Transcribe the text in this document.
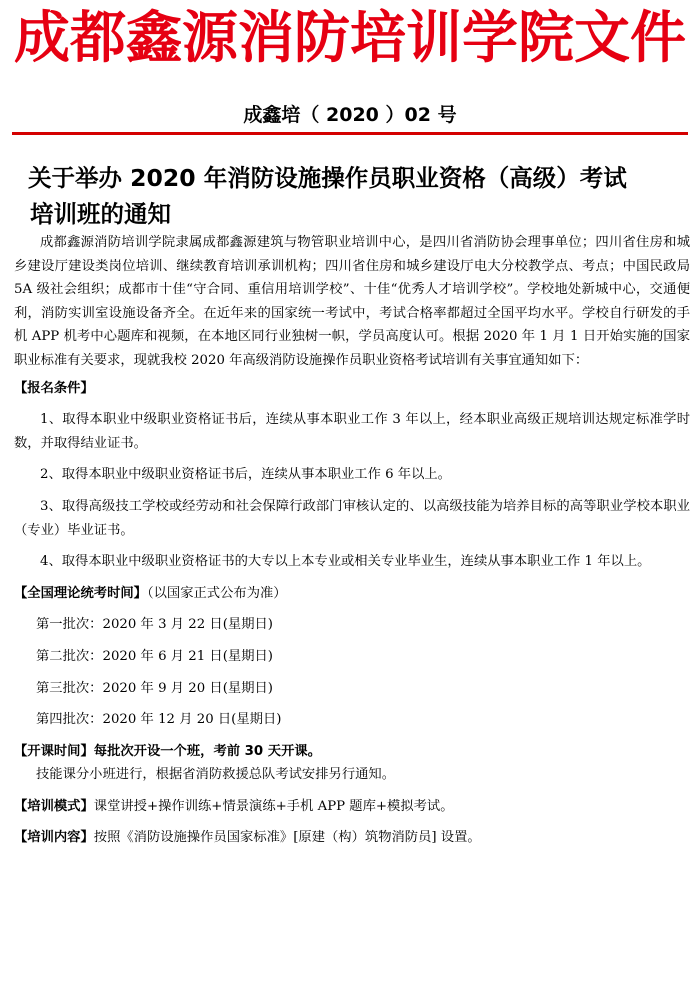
成都鑫源消防培训学院文件
成鑫培（ 2020 ）02 号
关于举办 2020 年消防设施操作员职业资格（高级）考试
培训班的通知

成都鑫源消防培训学院隶属成都鑫源建筑与物管职业培训中心，是四川省消防协会理事单位；四川省住房和城乡建设厅建设类岗位培训、继续教育培训承训机构；四川省住房和城乡建设厅电大分校教学点、考点；中国民政局 5A 级社会组织；成都市十佳“守合同、重信用培训学校”、十佳“优秀人才培训学校”。学校地处新城中心，交通便利，消防实训室设施设备齐全。在近年来的国家统一考试中，考试合格率都超过全国平均水平。学校自行研发的手机 APP 机考中心题库和视频，在本地区同行业独树一帜，学员高度认可。根据 2020 年 1 月 1 日开始实施的国家职业标准有关要求，现就我校 2020 年高级消防设施操作员职业资格考试培训有关事宜通知如下：

【报名条件】

1、取得本职业中级职业资格证书后，连续从事本职业工作 3 年以上，经本职业高级正规培训达规定标准学时数，并取得结业证书。

2、取得本职业中级职业资格证书后，连续从事本职业工作 6 年以上。

3、取得高级技工学校或经劳动和社会保障行政部门审核认定的、以高级技能为培养目标的高等职业学校本职业（专业）毕业证书。

4、取得本职业中级职业资格证书的大专以上本专业或相关专业毕业生，连续从事本职业工作 1 年以上。

【全国理论统考时间】（以国家正式公布为准）

第一批次：2020 年 3 月 22 日(星期日)

第二批次：2020 年 6 月 21 日(星期日)

第三批次：2020 年 9 月 20 日(星期日)

第四批次：2020 年 12 月 20 日(星期日)

【开课时间】每批次开设一个班，考前 30 天开课。

技能课分小班进行，根据省消防救援总队考试安排另行通知。

【培训模式】课堂讲授+操作训练+情景演练+手机 APP 题库+模拟考试。

【培训内容】按照《消防设施操作员国家标准》[原建（构）筑物消防员] 设置。
